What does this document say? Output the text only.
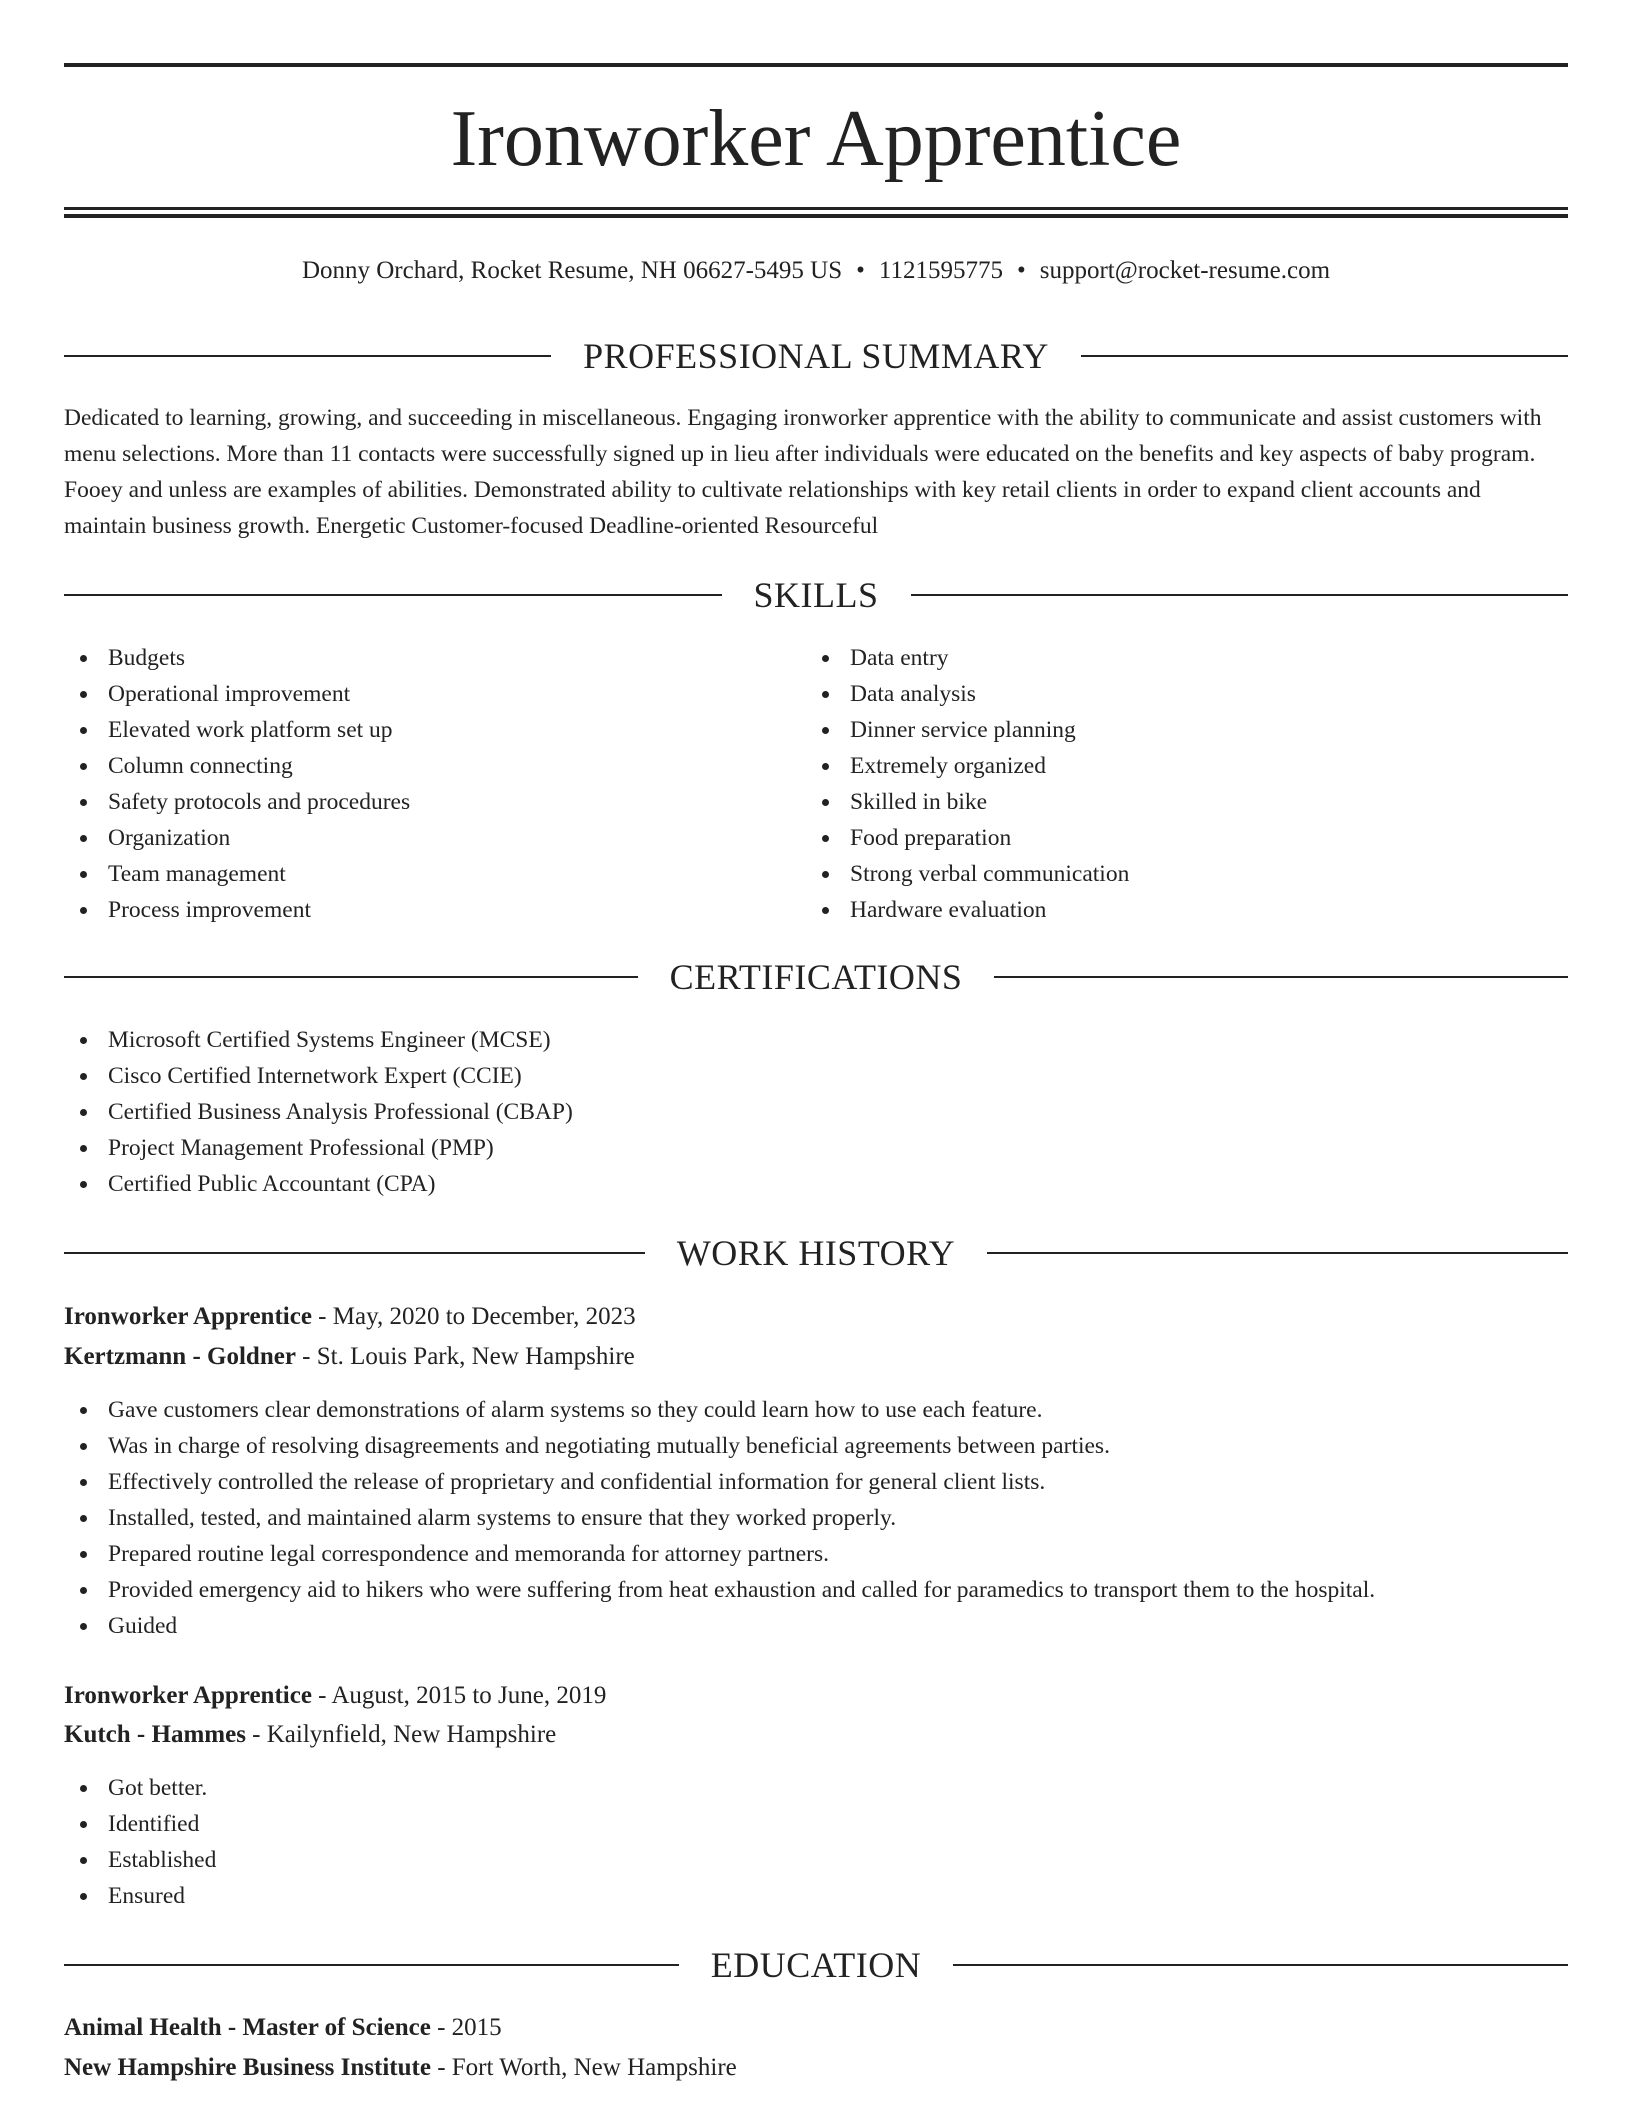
Ironworker Apprentice
Donny Orchard, Rocket Resume, NH 06627-5495 US • 1121595775 • support@rocket-resume.com
PROFESSIONAL SUMMARY

Dedicated to learning, growing, and succeeding in miscellaneous. Engaging ironworker apprentice with the ability to communicate and assist customers with menu selections. More than 11 contacts were successfully signed up in lieu after individuals were educated on the benefits and key aspects of baby program. Fooey and unless are examples of abilities. Demonstrated ability to cultivate relationships with key retail clients in order to expand client accounts and maintain business growth. Energetic Customer-focused Deadline-oriented Resourceful

SKILLS
Budgets
Operational improvement
Elevated work platform set up
Column connecting
Safety protocols and procedures
Organization
Team management
Process improvement
Data entry
Data analysis
Dinner service planning
Extremely organized
Skilled in bike
Food preparation
Strong verbal communication
Hardware evaluation
CERTIFICATIONS
Microsoft Certified Systems Engineer (MCSE)
Cisco Certified Internetwork Expert (CCIE)
Certified Business Analysis Professional (CBAP)
Project Management Professional (PMP)
Certified Public Accountant (CPA)
WORK HISTORY
Ironworker Apprentice - May, 2020 to December, 2023
Kertzmann - Goldner - St. Louis Park, New Hampshire
Gave customers clear demonstrations of alarm systems so they could learn how to use each feature.
Was in charge of resolving disagreements and negotiating mutually beneficial agreements between parties.
Effectively controlled the release of proprietary and confidential information for general client lists.
Installed, tested, and maintained alarm systems to ensure that they worked properly.
Prepared routine legal correspondence and memoranda for attorney partners.
Provided emergency aid to hikers who were suffering from heat exhaustion and called for paramedics to transport them to the hospital.
Guided
Ironworker Apprentice - August, 2015 to June, 2019
Kutch - Hammes - Kailynfield, New Hampshire
Got better.
Identified
Established
Ensured
EDUCATION
Animal Health - Master of Science - 2015
New Hampshire Business Institute - Fort Worth, New Hampshire
